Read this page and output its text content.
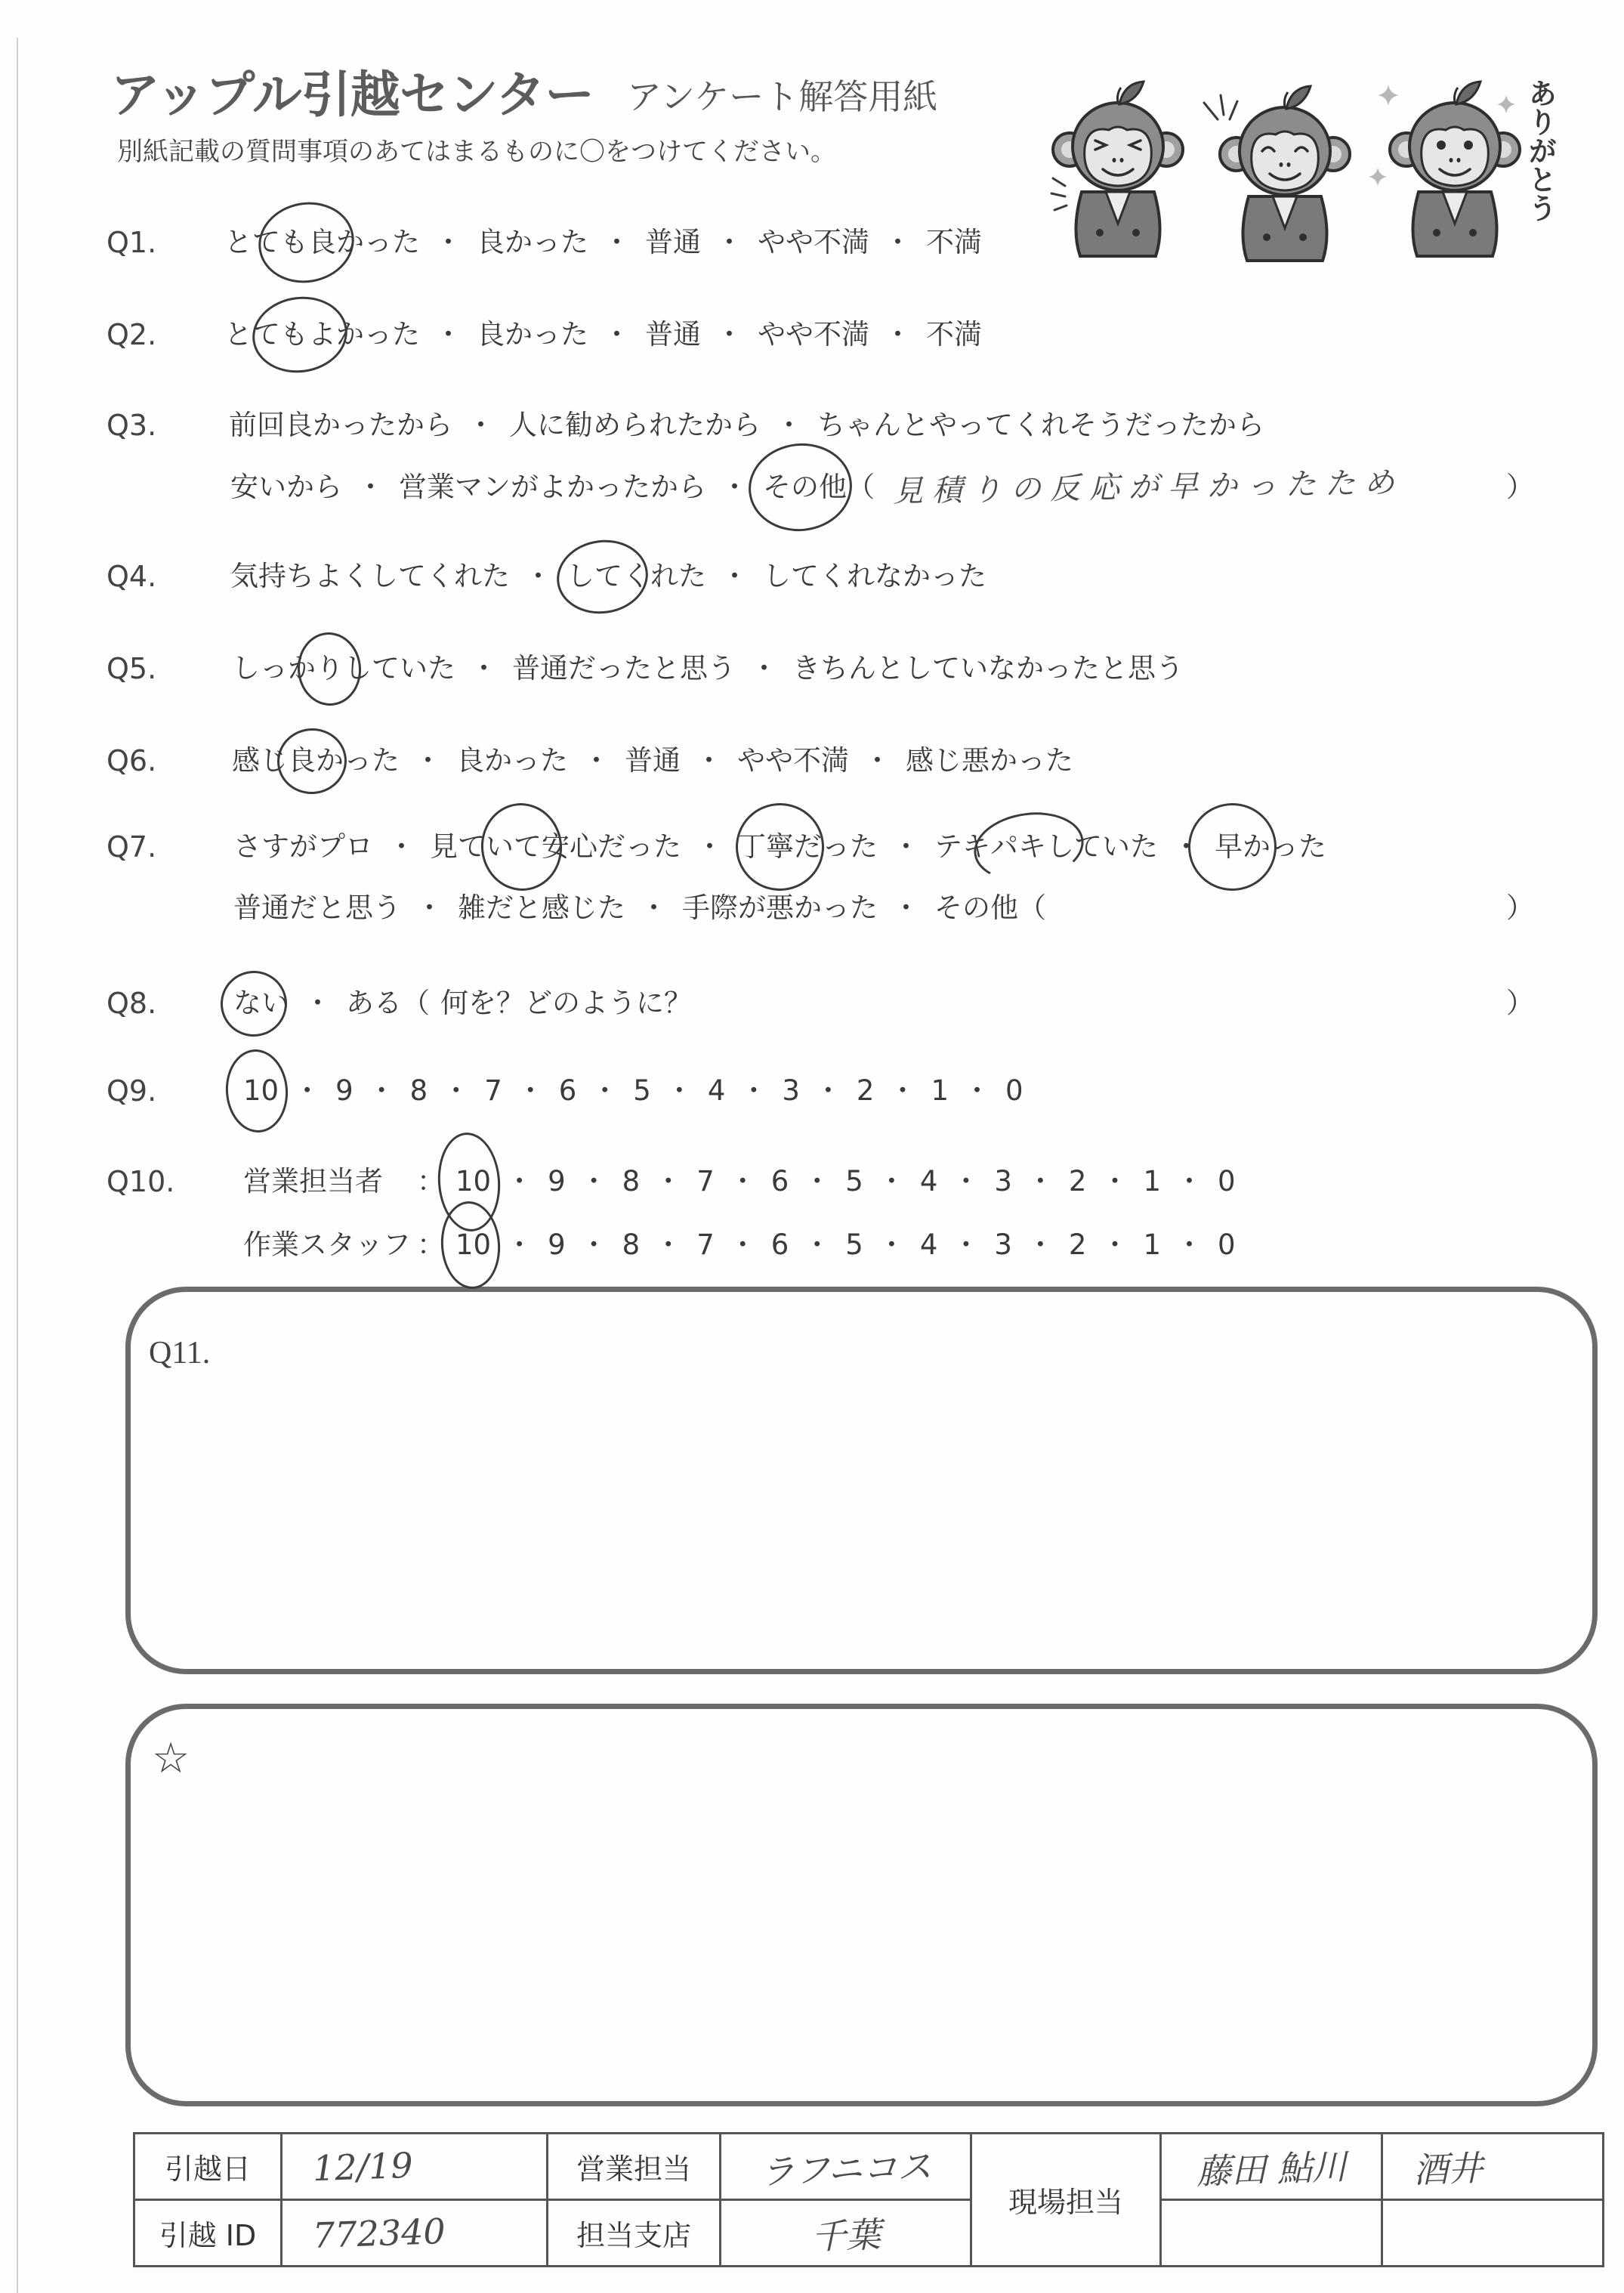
アップル引越センター アンケート解答用紙
別紙記載の質問事項のあてはまるものに〇をつけてください。	ありがとう
Q11.
☆
引越日	12/19	営業担当	ラフニコス	現場担当	藤田 鮎川	酒井
引越 ID	772340	担当支店	千葉			
Q1. とても良かった ・ 良かった ・ 普通 ・ やや不満 ・ 不満
Q2. とてもよかった ・ 良かった ・ 普通 ・ やや不満 ・ 不満
Q3.	前回良かったから ・ 人に勧められたから ・ ちゃんとやってくれそうだったから
安いから ・ 営業マンがよかったから ・ その他 （ 見積りの反応が早かったため	）
Q4.	気持ちよくしてくれた ・ してくれた ・ してくれなかった
Q5.	しっかりしていた ・ 普通だったと思う ・ きちんとしていなかったと思う
Q6.	感じ良かった ・ 良かった ・ 普通 ・ やや不満 ・ 感じ悪かった
Q7.	さすがプロ ・ 見ていて安心だった ・ 丁寧だった ・ テキパキしていた ・ 早かった
普通だと思う ・ 雑だと感じた ・ 手際が悪かった ・ その他 （	）
Q8.	ない ・ ある （ 何を？どのように？	）
Q9.	10 ・ 9 ・ 8 ・ 7 ・ 6 ・ 5 ・ 4 ・ 3 ・ 2 ・ 1 ・ 0
Q10. 営業担当者	： 10 ・ 9 ・ 8 ・ 7 ・ 6 ・ 5 ・ 4 ・ 3 ・ 2 ・ 1 ・ 0
作業スタッフ ： 10 ・ 9 ・ 8 ・ 7 ・ 6 ・ 5 ・ 4 ・ 3 ・ 2 ・ 1 ・ 0
